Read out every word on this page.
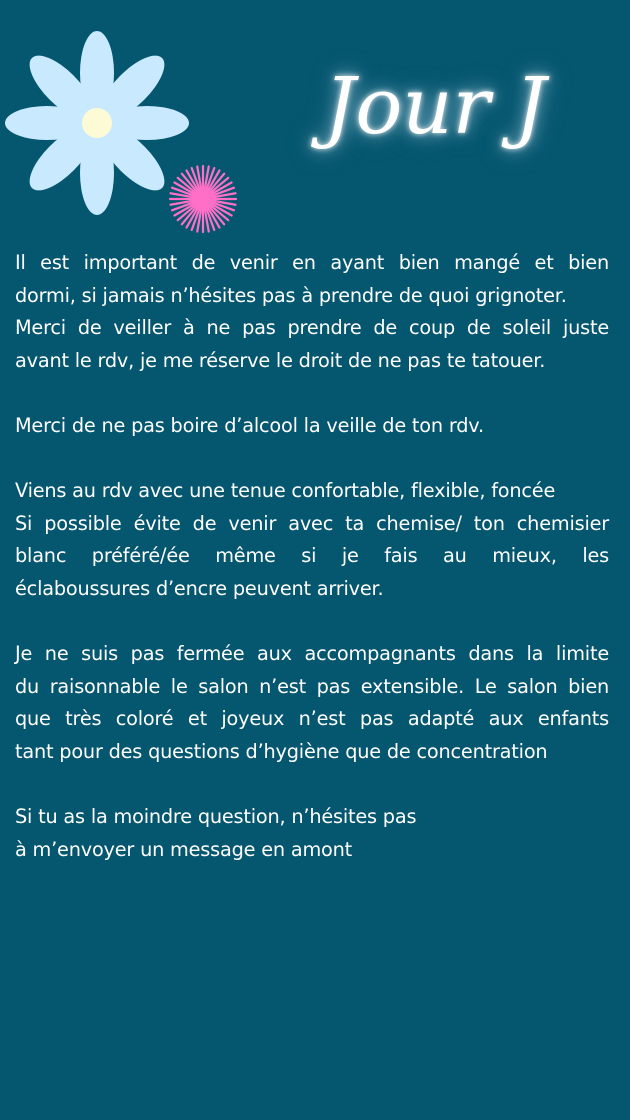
Jour J
Il est important de venir en ayant bien mangé et bien
dormi, si jamais n’hésites pas à prendre de quoi grignoter.
Merci de veiller à ne pas prendre de coup de soleil juste
avant le rdv, je me réserve le droit de ne pas te tatouer.
Merci de ne pas boire d’alcool la veille de ton rdv.
Viens au rdv avec une tenue confortable, flexible, foncée
Si possible évite de venir avec ta chemise/ ton chemisier
blanc préféré/ée même si je fais au mieux, les
éclaboussures d’encre peuvent arriver.
Je ne suis pas fermée aux accompagnants dans la limite
du raisonnable le salon n’est pas extensible. Le salon bien
que très coloré et joyeux n’est pas adapté aux enfants
tant pour des questions d’hygiène que de concentration
Si tu as la moindre question, n’hésites pas
à m’envoyer un message en amont
